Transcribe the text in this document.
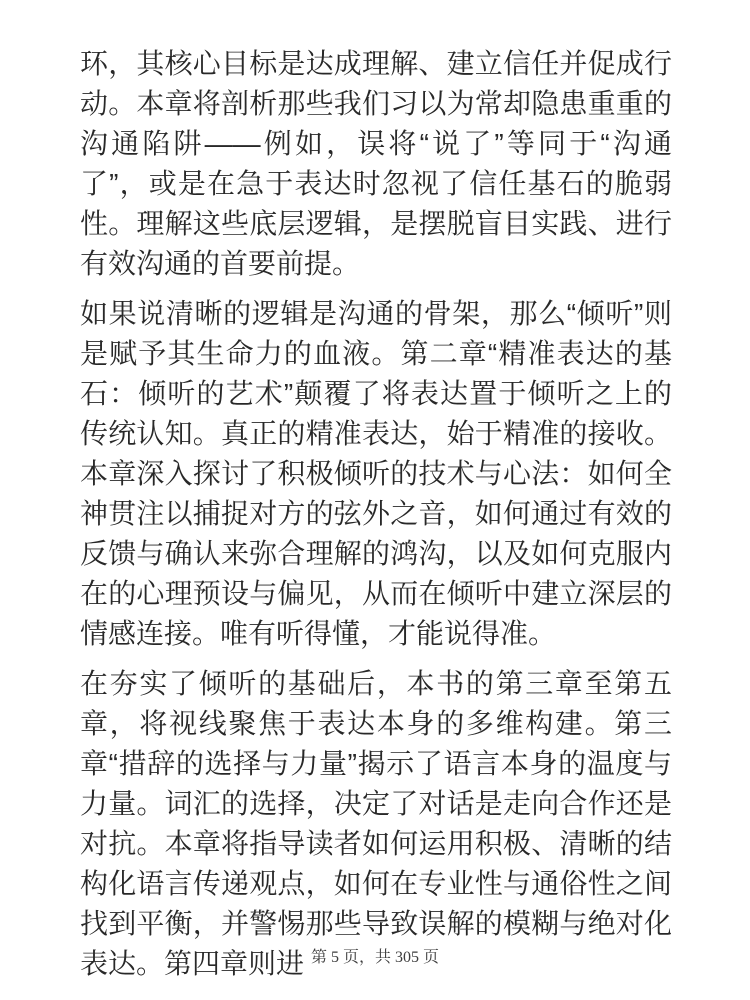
环，其核心目标是达成理解、建立信任并促成行动。本章将剖析那些我们习以为常却隐患重重的沟通陷阱——例如，误将“说了”等同于“沟通了”，或是在急于表达时忽视了信任基石的脆弱性。理解这些底层逻辑，是摆脱盲目实践、进行有效沟通的首要前提。

如果说清晰的逻辑是沟通的骨架，那么“倾听”则是赋予其生命力的血液。第二章“精准表达的基石：倾听的艺术”颠覆了将表达置于倾听之上的传统认知。真正的精准表达，始于精准的接收。本章深入探讨了积极倾听的技术与心法：如何全神贯注以捕捉对方的弦外之音，如何通过有效的反馈与确认来弥合理解的鸿沟，以及如何克服内在的心理预设与偏见，从而在倾听中建立深层的情感连接。唯有听得懂，才能说得准。

在夯实了倾听的基础后，本书的第三章至第五章，将视线聚焦于表达本身的多维构建。第三章“措辞的选择与力量”揭示了语言本身的温度与力量。词汇的选择，决定了对话是走向合作还是对抗。本章将指导读者如何运用积极、清晰的结构化语言传递观点，如何在专业性与通俗性之间找到平衡，并警惕那些导致误解的模糊与绝对化表达。第四章则进 第 5 页，共 305 页
